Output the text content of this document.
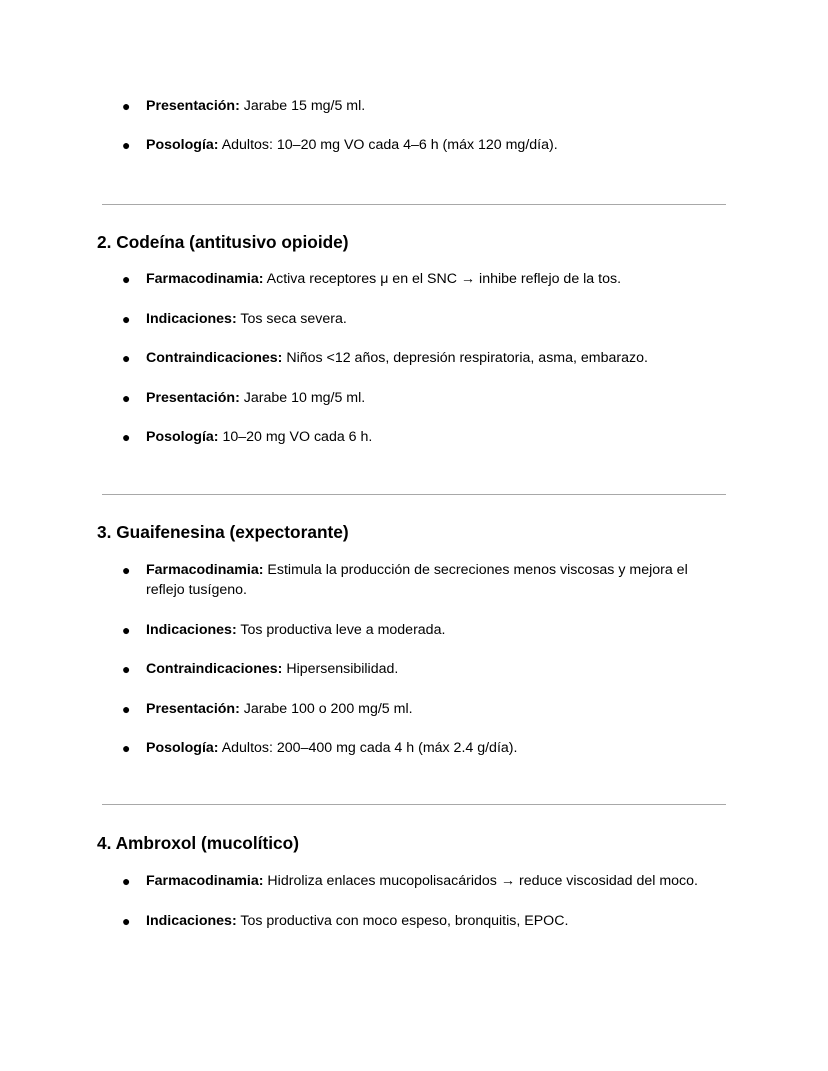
● Presentación: Jarabe 15 mg/5 ml.
● Posología: Adultos: 10–20 mg VO cada 4–6 h (máx 120 mg/día).
2. Codeína (antitusivo opioide)
● Farmacodinamia: Activa receptores μ en el SNC → inhibe reflejo de la tos.
● Indicaciones: Tos seca severa.
● Contraindicaciones: Niños <12 años, depresión respiratoria, asma, embarazo.
● Presentación: Jarabe 10 mg/5 ml.
● Posología: 10–20 mg VO cada 6 h.
3. Guaifenesina (expectorante)
● Farmacodinamia: Estimula la producción de secreciones menos viscosas y mejora el reflejo tusígeno.
● Indicaciones: Tos productiva leve a moderada.
● Contraindicaciones: Hipersensibilidad.
● Presentación: Jarabe 100 o 200 mg/5 ml.
● Posología: Adultos: 200–400 mg cada 4 h (máx 2.4 g/día).
4. Ambroxol (mucolítico)
● Farmacodinamia: Hidroliza enlaces mucopolisacáridos → reduce viscosidad del moco.
● Indicaciones: Tos productiva con moco espeso, bronquitis, EPOC.
